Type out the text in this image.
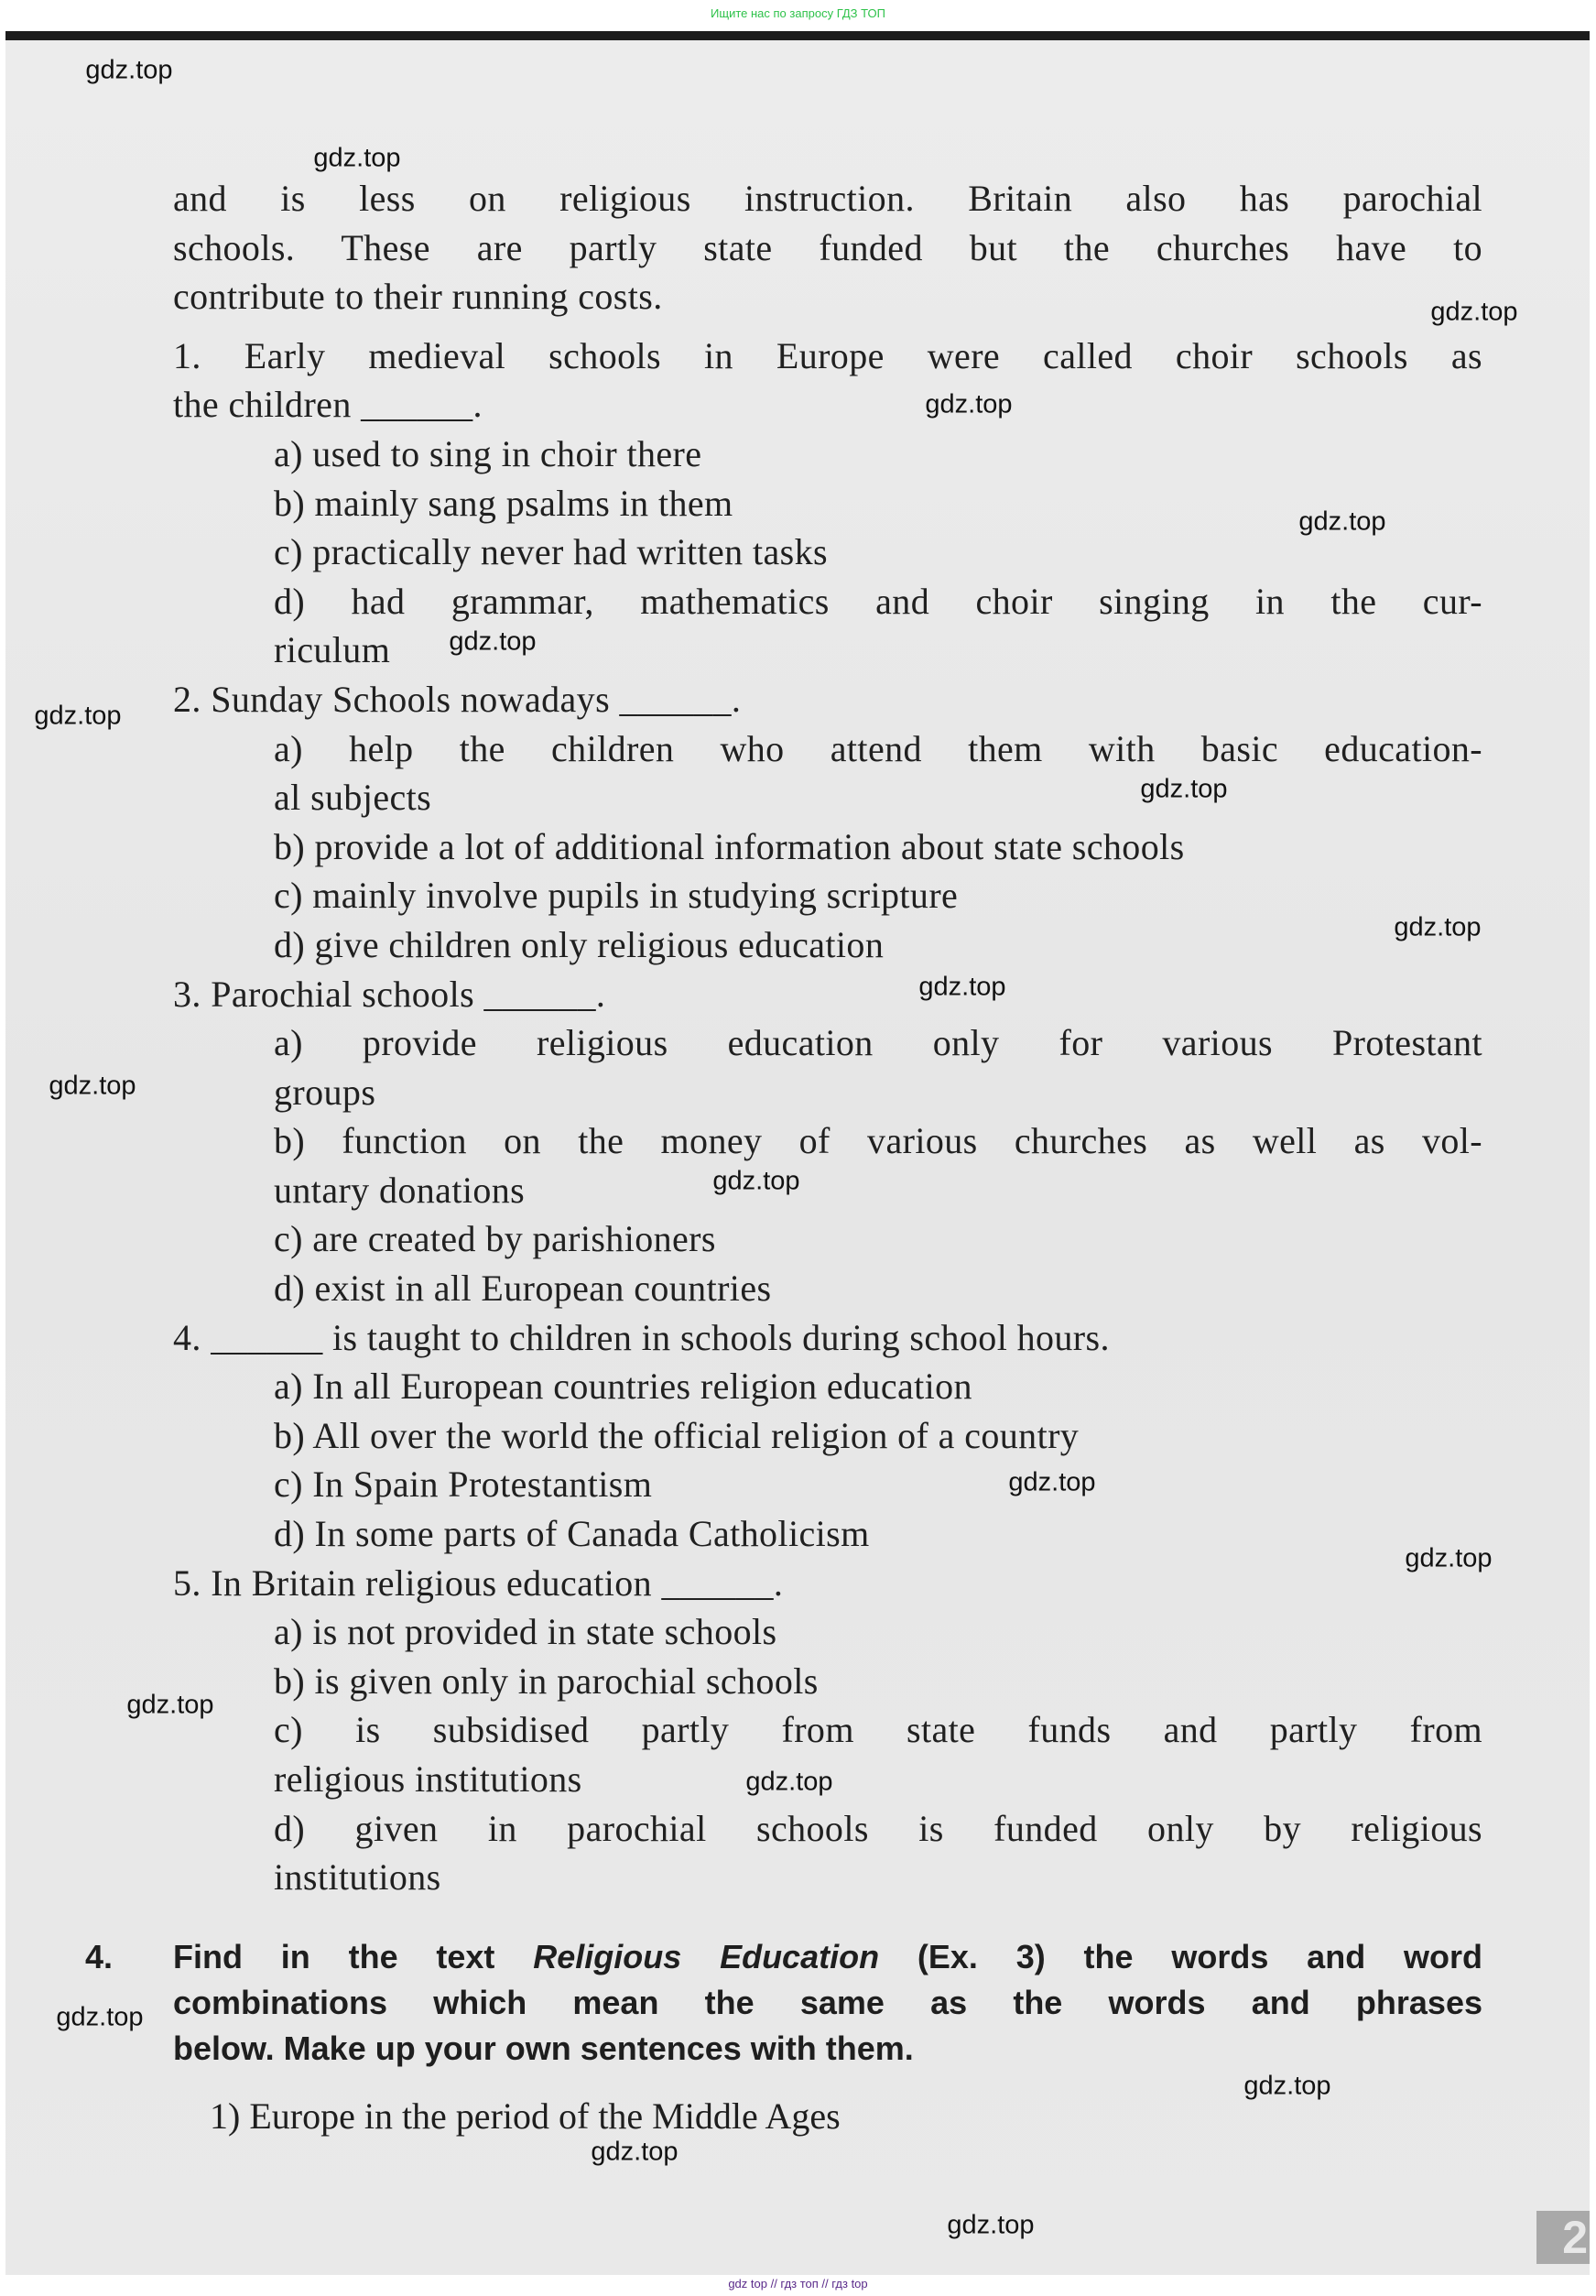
Ищите нас по запросу ГДЗ ТОП
2
and is less on religious instruction. Britain also has parochial
schools. These are partly state funded but the churches have to
contribute to their running costs.
1. Early medieval schools in Europe were called choir schools as
the children ______.
a) used to sing in choir there
b) mainly sang psalms in them
c) practically never had written tasks
d) had grammar, mathematics and choir singing in the cur-
riculum
2. Sunday Schools nowadays ______.
a) help the children who attend them with basic education-
al subjects
b) provide a lot of additional information about state schools
c) mainly involve pupils in studying scripture
d) give children only religious education
3. Parochial schools ______.
a) provide religious education only for various Protestant
groups
b) function on the money of various churches as well as vol-
untary donations
c) are created by parishioners
d) exist in all European countries
4. ______ is taught to children in schools during school hours.
a) In all European countries religion education
b) All over the world the official religion of a country
c) In Spain Protestantism
d) In some parts of Canada Catholicism
5. In Britain religious education ______.
a) is not provided in state schools
b) is given only in parochial schools
c) is subsidised partly from state funds and partly from
religious institutions
d) given in parochial schools is funded only by religious
institutions
4. Find in the text Religious Education (Ex. 3) the words and word
combinations which mean the same as the words and phrases
below. Make up your own sentences with them.
1) Europe in the period of the Middle Ages
gdz.top
gdz.top
gdz.top
gdz.top
gdz.top
gdz.top
gdz.top
gdz.top
gdz.top
gdz.top
gdz.top
gdz.top
gdz.top
gdz.top
gdz.top
gdz.top
gdz.top
gdz.top
gdz.top
gdz.top
gdz top // гдз топ // гдз top
